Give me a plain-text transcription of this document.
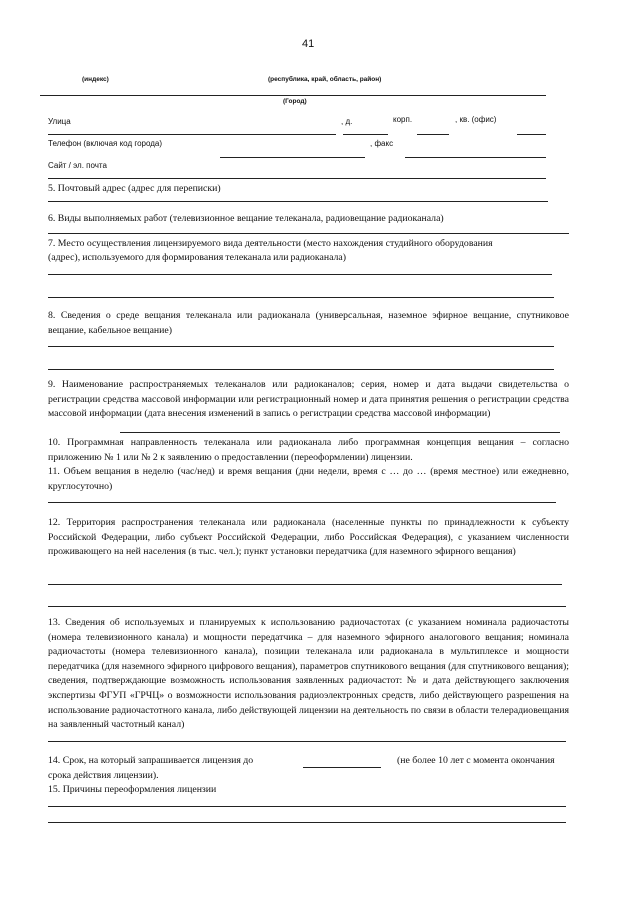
41
(индекс)	(республика, край, область, район)
(Город)
Улица	, д.	корп.	, кв. (офис)
Телефон (включая код города)	, факс
Сайт / эл. почта
5. Почтовый адрес (адрес для переписки)
6. Виды выполняемых работ (телевизионное вещание телеканала, радиовещание радиоканала)
7. Место осуществления лицензируемого вида деятельности (место нахождения студийного оборудования
(адрес), используемого для формирования телеканала или радиоканала)
8. Сведения о среде вещания телеканала или радиоканала (универсальная, наземное эфирное вещание, спутниковое вещание, кабельное вещание)
9. Наименование распространяемых телеканалов или радиоканалов; серия, номер и дата выдачи свидетельства о регистрации средства массовой информации или регистрационный номер и дата принятия решения о регистрации средства массовой информации (дата внесения изменений в запись о регистрации средства массовой информации)
10. Программная направленность телеканала или радиоканала либо программная концепция вещания – согласно приложению № 1 или № 2 к заявлению о предоставлении (переоформлении) лицензии.
11. Объем вещания в неделю (час/нед) и время вещания (дни недели, время с … до … (время местное) или ежедневно, круглосуточно)
12. Территория распространения телеканала или радиоканала (населенные пункты по принадлежности к субъекту Российской Федерации, либо субъект Российской Федерации, либо Российская Федерация), с указанием численности проживающего на ней населения (в тыс. чел.); пункт установки передатчика (для наземного эфирного вещания)
13. Сведения об используемых и планируемых к использованию радиочастотах (с указанием номинала радиочастоты (номера телевизионного канала) и мощности передатчика – для наземного эфирного аналогового вещания; номинала радиочастоты (номера телевизионного канала), позиции телеканала или радиоканала в мультиплексе и мощности передатчика (для наземного эфирного цифрового вещания), параметров спутникового вещания (для спутникового вещания); сведения, подтверждающие возможность использования заявленных радиочастот: № и дата действующего заключения экспертизы ФГУП «ГРЧЦ» о возможности использования радиоэлектронных средств, либо действующего разрешения на использование радиочастотного канала, либо действующей лицензии на деятельность по связи в области телерадиовещания на заявленный частотный канал)
14. Срок, на который запрашивается лицензия до	(не более 10 лет с момента окончания
срока действия лицензии).
15. Причины переоформления лицензии
